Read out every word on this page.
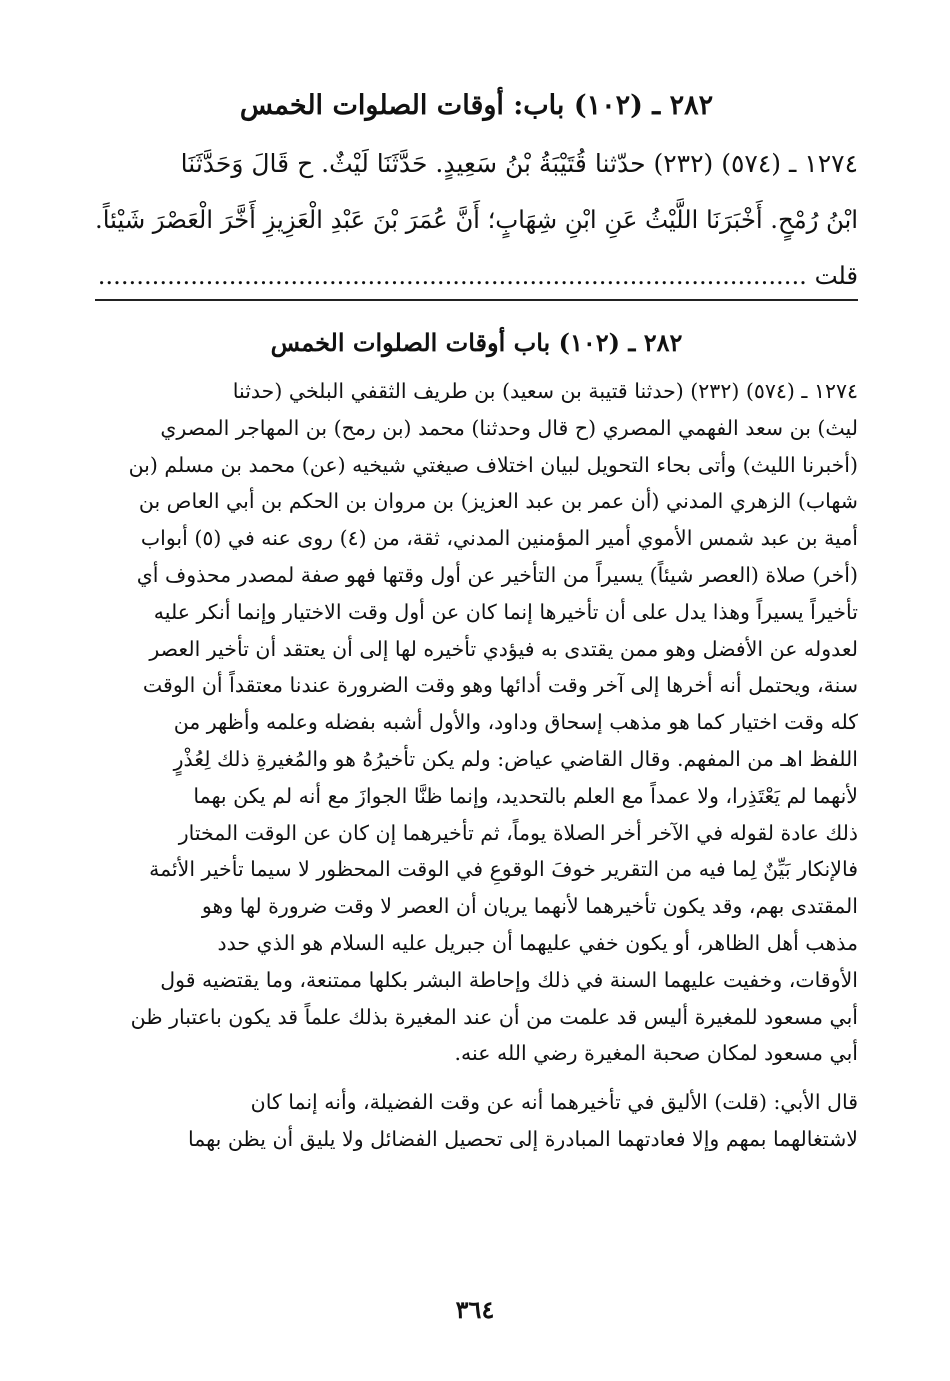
٢٨٢ ـ (١٠٢) باب: أوقات الصلوات الخمس
١٢٧٤ ـ (٥٧٤) (٢٣٢) حدّثنا قُتَيْبَةُ بْنُ سَعِيدٍ. حَدَّثَنَا لَيْثٌ. ح قَالَ وَحَدَّثَنَا
ابْنُ رُمْحٍ. أَخْبَرَنَا اللَّيْثُ عَنِ ابْنِ شِهَابٍ؛ أَنَّ عُمَرَ بْنَ عَبْدِ الْعَزِيزِ أَخَّرَ الْعَصْرَ شَيْئاً.
قلت ............................................................................................
٢٨٢ ـ (١٠٢) باب أوقات الصلوات الخمس
١٢٧٤ ـ (٥٧٤) (٢٣٢) (حدثنا قتيبة بن سعيد) بن طريف الثقفي البلخي (حدثنا
ليث) بن سعد الفهمي المصري (ح قال وحدثنا) محمد (بن رمح) بن المهاجر المصري
(أخبرنا الليث) وأتى بحاء التحويل لبيان اختلاف صيغتي شيخيه (عن) محمد بن مسلم (بن
شهاب) الزهري المدني (أن عمر بن عبد العزيز) بن مروان بن الحكم بن أبي العاص بن
أمية بن عبد شمس الأموي أمير المؤمنين المدني، ثقة، من (٤) روى عنه في (٥) أبواب
(أخر) صلاة (العصر شيئاً) يسيراً من التأخير عن أول وقتها فهو صفة لمصدر محذوف أي
تأخيراً يسيراً وهذا يدل على أن تأخيرها إنما كان عن أول وقت الاختيار وإنما أنكر عليه
لعدوله عن الأفضل وهو ممن يقتدى به فيؤدي تأخيره لها إلى أن يعتقد أن تأخير العصر
سنة، ويحتمل أنه أخرها إلى آخر وقت أدائها وهو وقت الضرورة عندنا معتقداً أن الوقت
كله وقت اختيار كما هو مذهب إسحاق وداود، والأول أشبه بفضله وعلمه وأظهر من
اللفظ اهـ من المفهم. وقال القاضي عياض: ولم يكن تأخيرُهُ هو والمُغيرةِ ذلك لِعُذْرٍ
لأنهما لم يَعْتَذِرا، ولا عمداً مع العلم بالتحديد، وإنما ظنَّا الجوازَ مع أنه لم يكن بهما
ذلك عادة لقوله في الآخر أخر الصلاة يوماً، ثم تأخيرهما إن كان عن الوقت المختار
فالإنكار بَيِّنٌ لِما فيه من التقرير خوفَ الوقوعِ في الوقت المحظور لا سيما تأخير الأئمة
المقتدى بهم، وقد يكون تأخيرهما لأنهما يريان أن العصر لا وقت ضرورة لها وهو
مذهب أهل الظاهر، أو يكون خفي عليهما أن جبريل عليه السلام هو الذي حدد
الأوقات، وخفيت عليهما السنة في ذلك وإحاطة البشر بكلها ممتنعة، وما يقتضيه قول
أبي مسعود للمغيرة أليس قد علمت من أن عند المغيرة بذلك علماً قد يكون باعتبار ظن
أبي مسعود لمكان صحبة المغيرة رضي الله عنه.
قال الأبي: (قلت) الأليق في تأخيرهما أنه عن وقت الفضيلة، وأنه إنما كان
لاشتغالهما بمهم وإلا فعادتهما المبادرة إلى تحصيل الفضائل ولا يليق أن يظن بهما
٣٦٤
